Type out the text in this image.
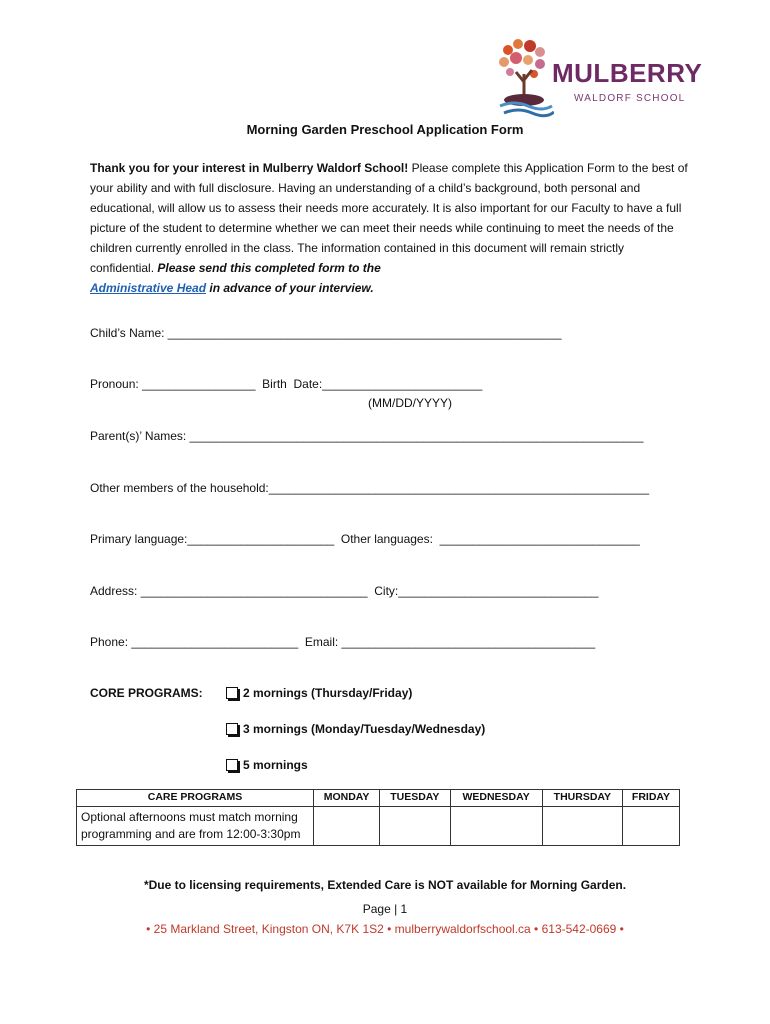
MULBERRY
WALDORF SCHOOL
Morning Garden Preschool Application Form
Thank you for your interest in Mulberry Waldorf School! Please complete this Application Form to the best of your ability and with full disclosure. Having an understanding of a child’s background, both personal and educational, will allow us to assess their needs more accurately. It is also important for our Faculty to have a full picture of the student to determine whether we can meet their needs while continuing to meet the needs of the children currently enrolled in the class. The information contained in this document will remain strictly confidential. Please send this completed form to the
Administrative Head in advance of your interview.
Child’s Name: ___________________________________________________________
Pronoun: _________________  Birth  Date:________________________
(MM/DD/YYYY)
Parent(s)’ Names: ____________________________________________________________________
Other members of the household:_________________________________________________________
Primary language:______________________  Other languages:  ______________________________
Address: __________________________________  City:______________________________
Phone: _________________________  Email: ______________________________________
CORE PROGRAMS:	2 mornings (Thursday/Friday)
3 mornings (Monday/Tuesday/Wednesday)
5 mornings
CARE PROGRAMS	MONDAY	TUESDAY	WEDNESDAY	THURSDAY	FRIDAY
Optional afternoons must match morning programming and are from 12:00-3:30pm					
*Due to licensing requirements, Extended Care is NOT available for Morning Garden.
Page | 1
• 25 Markland Street, Kingston ON, K7K 1S2 • mulberrywaldorfschool.ca • 613-542-0669 •
